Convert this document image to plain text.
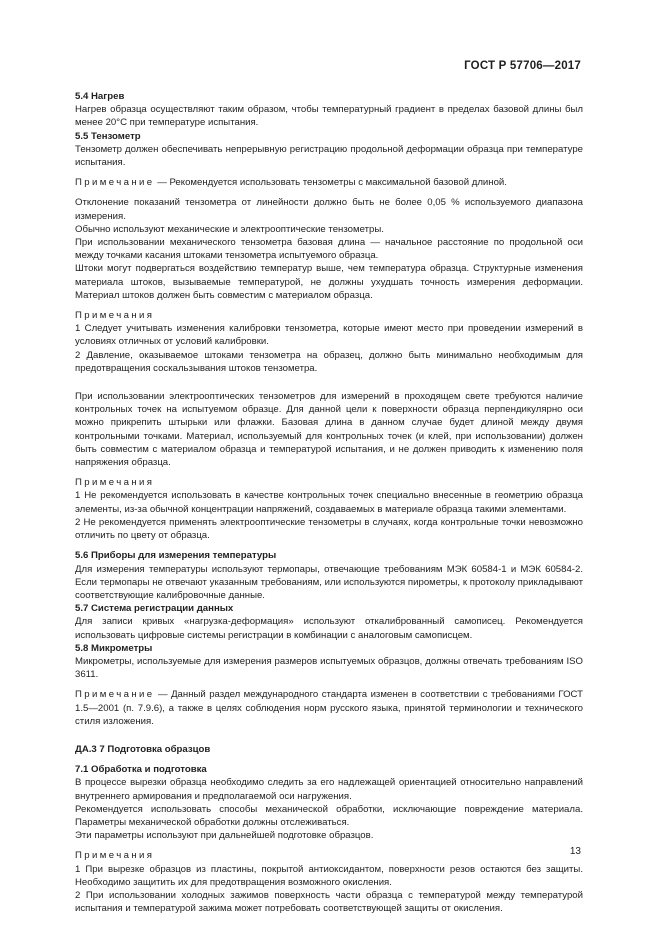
ГОСТ Р 57706—2017

5.4 Нагрев

Нагрев образца осуществляют таким образом, чтобы температурный градиент в пределах базовой длины был менее 20°С при температуре испытания.

5.5 Тензометр

Тензометр должен обеспечивать непрерывную регистрацию продольной деформации образца при температуре испытания.

Примечание — Рекомендуется использовать тензометры с максимальной базовой длиной.

Отклонение показаний тензометра от линейности должно быть не более 0,05 % используемого диапазона измерения.

Обычно используют механические и электрооптические тензометры.

При использовании механического тензометра базовая длина — начальное расстояние по продольной оси между точками касания штоками тензометра испытуемого образца.

Штоки могут подвергаться воздействию температур выше, чем температура образца. Структурные изменения материала штоков, вызываемые температурой, не должны ухудшать точность измерения деформации. Материал штоков должен быть совместим с материалом образца.

Примечания

1 Следует учитывать изменения калибровки тензометра, которые имеют место при проведении измерений в условиях отличных от условий калибровки.

2 Давление, оказываемое штоками тензометра на образец, должно быть минимально необходимым для предотвращения соскальзывания штоков тензометра.

При использовании электрооптических тензометров для измерений в проходящем свете требуются наличие контрольных точек на испытуемом образце. Для данной цели к поверхности образца перпендикулярно оси можно прикрепить штырьки или флажки. Базовая длина в данном случае будет длиной между двумя контрольными точками. Материал, используемый для контрольных точек (и клей, при использовании) должен быть совместим с материалом образца и температурой испытания, и не должен приводить к изменению поля напряжения образца.

Примечания

1 Не рекомендуется использовать в качестве контрольных точек специально внесенные в геометрию образца элементы, из-за обычной концентрации напряжений, создаваемых в материале образца такими элементами.

2 Не рекомендуется применять электрооптические тензометры в случаях, когда контрольные точки невозможно отличить по цвету от образца.

5.6 Приборы для измерения температуры

Для измерения температуры используют термопары, отвечающие требованиям МЭК 60584-1 и МЭК 60584-2. Если термопары не отвечают указанным требованиям, или используются пирометры, к протоколу прикладывают соответствующие калибровочные данные.

5.7 Система регистрации данных

Для записи кривых «нагрузка-деформация» используют откалиброванный самописец. Рекомендуется использовать цифровые системы регистрации в комбинации с аналоговым самописцем.

5.8 Микрометры

Микрометры, используемые для измерения размеров испытуемых образцов, должны отвечать требованиям ISO 3611.

Примечание — Данный раздел международного стандарта изменен в соответствии с требованиями ГОСТ 1.5—2001 (п. 7.9.6), а также в целях соблюдения норм русского языка, принятой терминологии и технического стиля изложения.

ДА.3 7 Подготовка образцов

7.1 Обработка и подготовка

В процессе вырезки образца необходимо следить за его надлежащей ориентацией относительно направлений внутреннего армирования и предполагаемой оси нагружения.

Рекомендуется использовать способы механической обработки, исключающие повреждение материала. Параметры механической обработки должны отслеживаться.

Эти параметры используют при дальнейшей подготовке образцов.

Примечания

1 При вырезке образцов из пластины, покрытой антиоксидантом, поверхности резов остаются без защиты. Необходимо защитить их для предотвращения возможного окисления.

2 При использовании холодных зажимов поверхность части образца с температурой между температурой испытания и температурой зажима может потребовать соответствующей защиты от окисления.

13
